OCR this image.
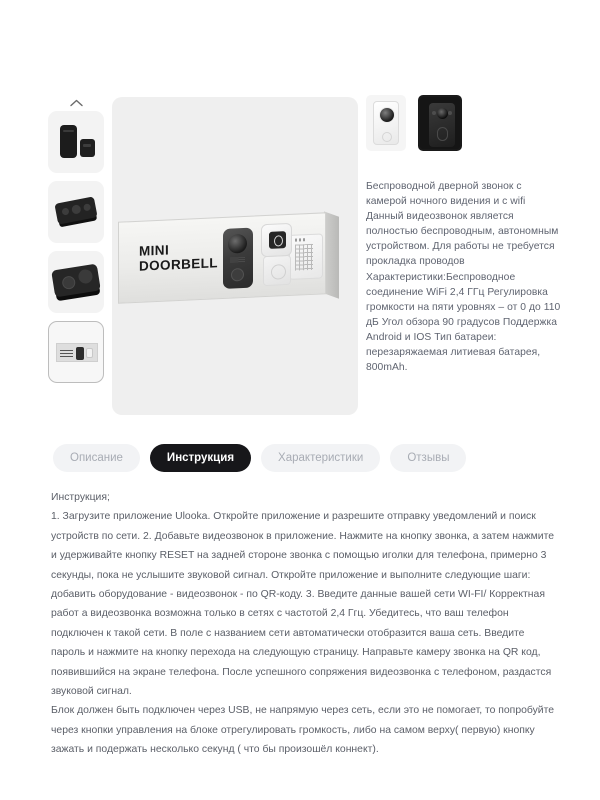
MINI
DOORBELL
Беспроводной дверной звонок с камерой ночного видения и с wifi Данный видеозвонок является полностью беспроводным, автономным устройством. Для работы не требуется прокладка проводов Характеристики:Беспроводное соединение WiFi 2,4 ГГц Регулировка громкости на пяти уровнях – от 0 до 110 дБ Угол обзора 90 градусов Поддержка Android и IOS Тип батареи: перезаряжаемая литиевая батарея, 800mAh.
Описание	Инструкция	Характеристики	Отзывы

Инструкция;

1. Загрузите приложение Ulooka. Откройте приложение и разрешите отправку уведомлений и поиск устройств по сети. 2. Добавьте видеозвонок в приложение. Нажмите на кнопку звонка, а затем нажмите и удерживайте кнопку RESET на задней стороне звонка с помощью иголки для телефона, примерно 3 секунды, пока не услышите звуковой сигнал. Откройте приложение и выполните следующие шаги: добавить оборудование - видеозвонок - по QR-коду. 3. Введите данные вашей сети WI-FI/ Корректная работ а видеозвонка возможна только в сетях с частотой 2,4 Ггц. Убедитесь, что ваш телефон подключен к такой сети. В поле с названием сети автоматически отобразится ваша сеть. Введите пароль и нажмите на кнопку перехода на следующую страницу. Направьте камеру звонка на QR код, появившийся на экране телефона. После успешного сопряжения видеозвонка с телефоном, раздастся звуковой сигнал.

Блок должен быть подключен через USB, не напрямую через сеть, если это не помогает, то попробуйте через кнопки управления на блоке отрегулировать громкость, либо на самом верху( первую) кнопку зажать и подержать несколько секунд ( что бы произошёл коннект).
